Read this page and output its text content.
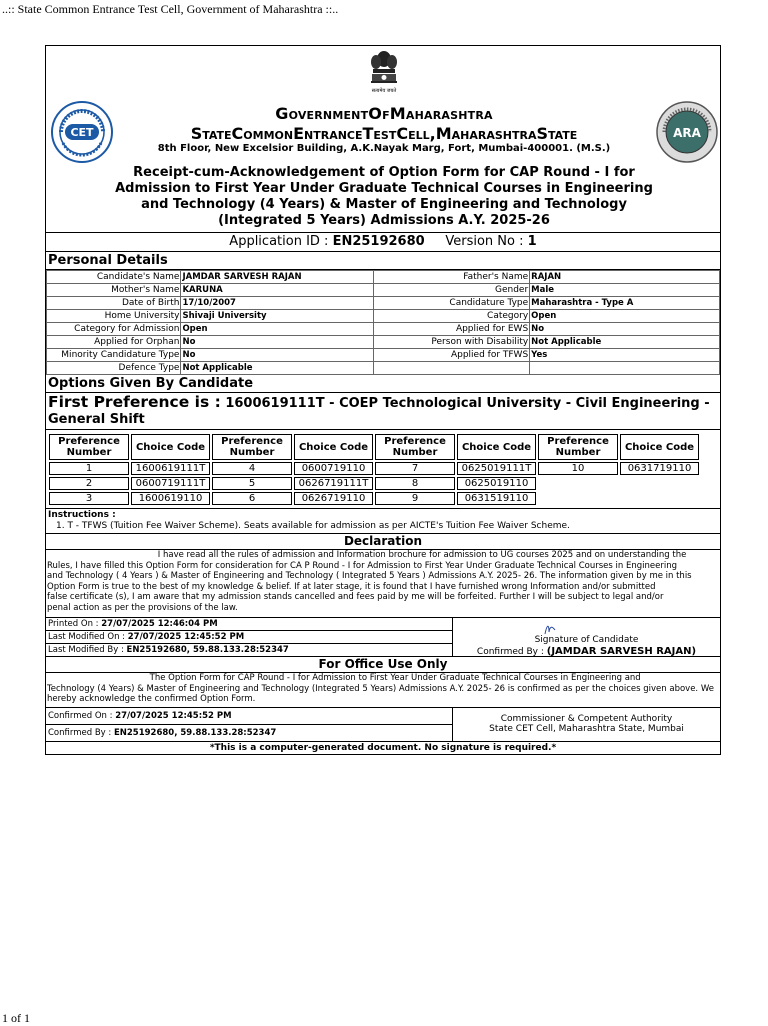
..:: State Common Entrance Test Cell, Government of Maharashtra ::..
सत्यमेव जयते
CET	ARA
GovernmentOfMaharashtra
StateCommonEntranceTestCell,MaharashtraState
8th Floor, New Excelsior Building, A.K.Nayak Marg, Fort, Mumbai-400001. (M.S.)
Receipt-cum-Acknowledgement of Option Form for CAP Round - I for
Admission to First Year Under Graduate Technical Courses in Engineering
and Technology (4 Years) & Master of Engineering and Technology
(Integrated 5 Years) Admissions A.Y. 2025-26
Application ID : EN25192680 Version No : 1
Personal Details
Candidate's Name	JAMDAR SARVESH RAJAN	Father's Name	RAJAN
Mother's Name	KARUNA	Gender	Male
Date of Birth	17/10/2007	Candidature Type	Maharashtra - Type A
Home University	Shivaji University	Category	Open
Category for Admission	Open	Applied for EWS	No
Applied for Orphan	No	Person with Disability	Not Applicable
Minority Candidature Type	No	Applied for TFWS	Yes
Defence Type	Not Applicable		
Options Given By Candidate
First Preference is : 1600619111T - COEP Technological University - Civil Engineering - General Shift
Preference Number	Choice Code	Preference Number	Choice Code	Preference Number	Choice Code	Preference Number	Choice Code
1	1600619111T	4	0600719110	7	0625019111T	10	0631719110
2	0600719111T	5	0626719111T	8	0625019110		
3	1600619110	6	0626719110	9	0631519110		
Instructions :
1. T - TFWS (Tuition Fee Waiver Scheme). Seats available for admission as per AICTE's Tuition Fee Waiver Scheme.
Declaration
I have read all the rules of admission and Information brochure for admission to UG courses 2025 and on understanding the
Rules, I have filled this Option Form for consideration for CA P Round - I for Admission to First Year Under Graduate Technical Courses in Engineering
and Technology ( 4 Years ) & Master of Engineering and Technology ( Integrated 5 Years ) Admissions A.Y. 2025- 26. The information given by me in this
Option Form is true to the best of my knowledge & belief. If at later stage, it is found that I have furnished wrong Information and/or submitted
false certificate (s), I am aware that my admission stands cancelled and fees paid by me will be forfeited. Further I will be subject to legal and/or
penal action as per the provisions of the law.
Printed On : 27/07/2025 12:46:04 PM
Last Modified On : 27/07/2025 12:45:52 PM
Last Modified By : EN25192680, 59.88.133.28:52347
Signature of Candidate
Confirmed By : (JAMDAR SARVESH RAJAN)
For Office Use Only
The Option Form for CAP Round - I for Admission to First Year Under Graduate Technical Courses in Engineering and
Technology (4 Years) & Master of Engineering and Technology (Integrated 5 Years) Admissions A.Y. 2025- 26 is confirmed as per the choices given above. We
hereby acknowledge the confirmed Option Form.
Confirmed On : 27/07/2025 12:45:52 PM
Confirmed By : EN25192680, 59.88.133.28:52347
Commissioner & Competent Authority
State CET Cell, Maharashtra State, Mumbai
*This is a computer-generated document. No signature is required.*
1 of 1
